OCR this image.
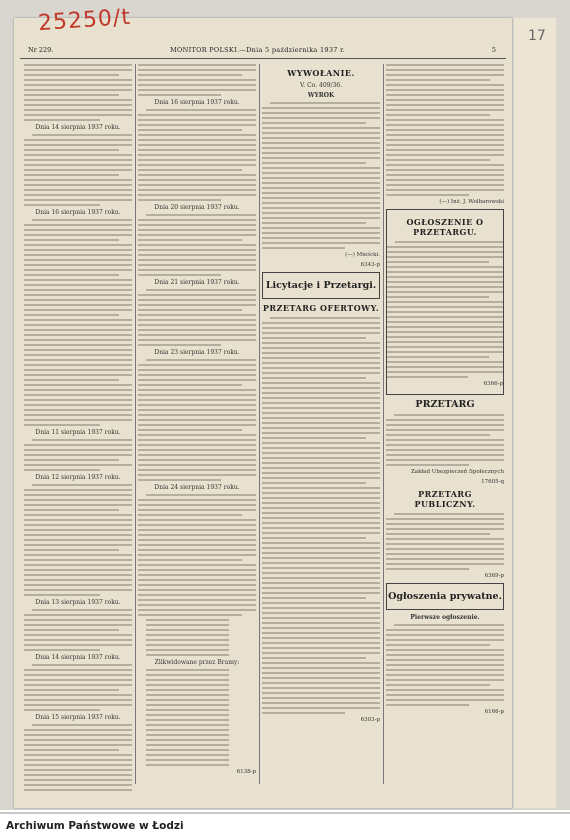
25250/t	17
Nr 229.	MONITOR POLSKI.—Dnia 5 października 1937 r.	5
Dnia 14 sierpnia 1937 roku.
Dnia 16 sierpnia 1937 roku.
Dnia 11 sierpnia 1937 roku.
Dnia 12 sierpnia 1937 roku.
Dnia 13 sierpnia 1937 roku.
Dnia 14 sierpnia 1937 roku.
Dnia 15 sierpnia 1937 roku.
Dnia 16 sierpnia 1937 roku.
Dnia 20 sierpnia 1937 roku.
Dnia 21 sierpnia 1937 roku.
Dnia 23 sierpnia 1937 roku.
Dnia 24 sierpnia 1937 roku.
Zlikwidowane przez Bramy:
6138-p
WYWOŁANIE.
V. Co. 409/36.
WYROK
(—) Mieścki.
6343-p
Licytacje i Przetargi.
PRZETARG OFERTOWY.
6303-p
(—) Inż. J. Wolbarowski
OGŁOSZENIE O PRZETARGU.
6366-p
PRZETARG
Zakład Ubezpieczeń Społecznych
17605-q
PRZETARG PUBLICZNY.
6369-p
Ogłoszenia prywatne.
Pierwsze ogłoszenie.
6166-p
Archiwum Państwowe w Łodzi
